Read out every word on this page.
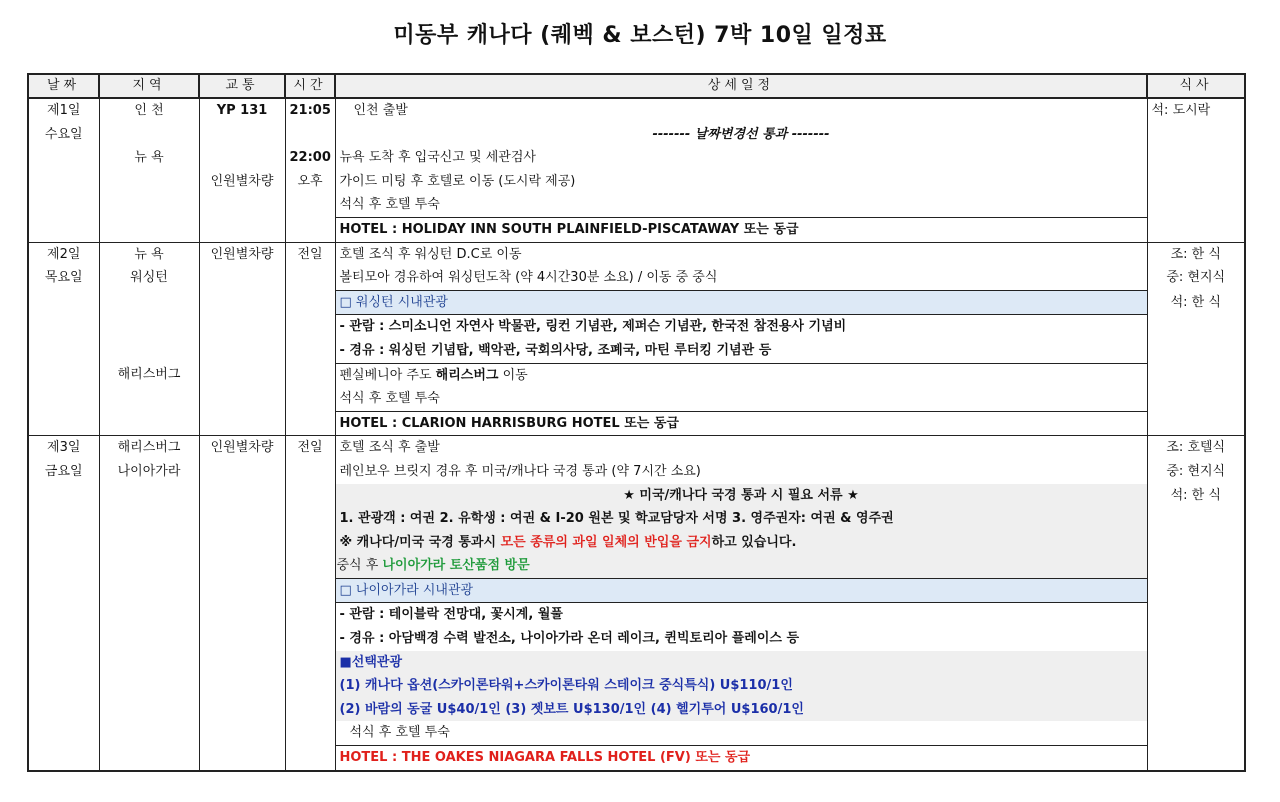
미동부 캐나다 (퀘벡 & 보스턴) 7박 10일 일정표
날짜	지역	교통	시간	상세일정	식사
제1일	인 천	YP 131	21:05	인천 출발	석: 도시락
수요일				------- 날짜변경선 통과 -------	
	뉴 욕		22:00	뉴욕 도착 후 입국신고 및 세관검사	
		인원별차량	오후	가이드 미팅 후 호텔로 이동 (도시락 제공)	
				석식 후 호텔 투숙	
				HOTEL : HOLIDAY INN SOUTH PLAINFIELD-PISCATAWAY 또는 동급	
제2일	뉴 욕	인원별차량	전일	호텔 조식 후 워싱턴 D.C로 이동	조: 한 식
목요일	워싱턴			볼티모아 경유하여 워싱턴도착 (약 4시간30분 소요) / 이동 중 중식	중: 현지식
				□ 워싱턴 시내관광	석: 한 식
				- 관람 : 스미소니언 자연사 박물관, 링컨 기념관, 제퍼슨 기념관, 한국전 참전용사 기념비	
				- 경유 : 워싱턴 기념탑, 백악관, 국회의사당, 조폐국, 마틴 루터킹 기념관 등	
	해리스버그			펜실베니아 주도 해리스버그 이동	
				석식 후 호텔 투숙	
				HOTEL : CLARION HARRISBURG HOTEL 또는 동급	
제3일	해리스버그	인원별차량	전일	호텔 조식 후 출발	조: 호텔식
금요일	나이아가라			레인보우 브릿지 경유 후 미국/캐나다 국경 통과 (약 7시간 소요)	중: 현지식
				★ 미국/캐나다 국경 통과 시 필요 서류 ★	석: 한 식
				1. 관광객 : 여권 2. 유학생 : 여권 & I-20 원본 및 학교담당자 서명 3. 영주권자: 여권 & 영주권	
				※ 캐나다/미국 국경 통과시 모든 종류의 과일 일체의 반입을 금지하고 있습니다.	
				중식 후 나이아가라 토산품점 방문	
				□ 나이아가라 시내관광	
				- 관람 : 테이블락 전망대, 꽃시계, 월풀	
				- 경유 : 아담백경 수력 발전소, 나이아가라 온더 레이크, 퀸빅토리아 플레이스 등	
				■선택관광	
				(1) 캐나다 옵션(스카이론타워+스카이론타워 스테이크 중식특식) U$110/1인	
				(2) 바람의 동굴 U$40/1인 (3) 젯보트 U$130/1인 (4) 헬기투어 U$160/1인	
				석식 후 호텔 투숙	
				HOTEL : THE OAKES NIAGARA FALLS HOTEL (FV) 또는 동급	
